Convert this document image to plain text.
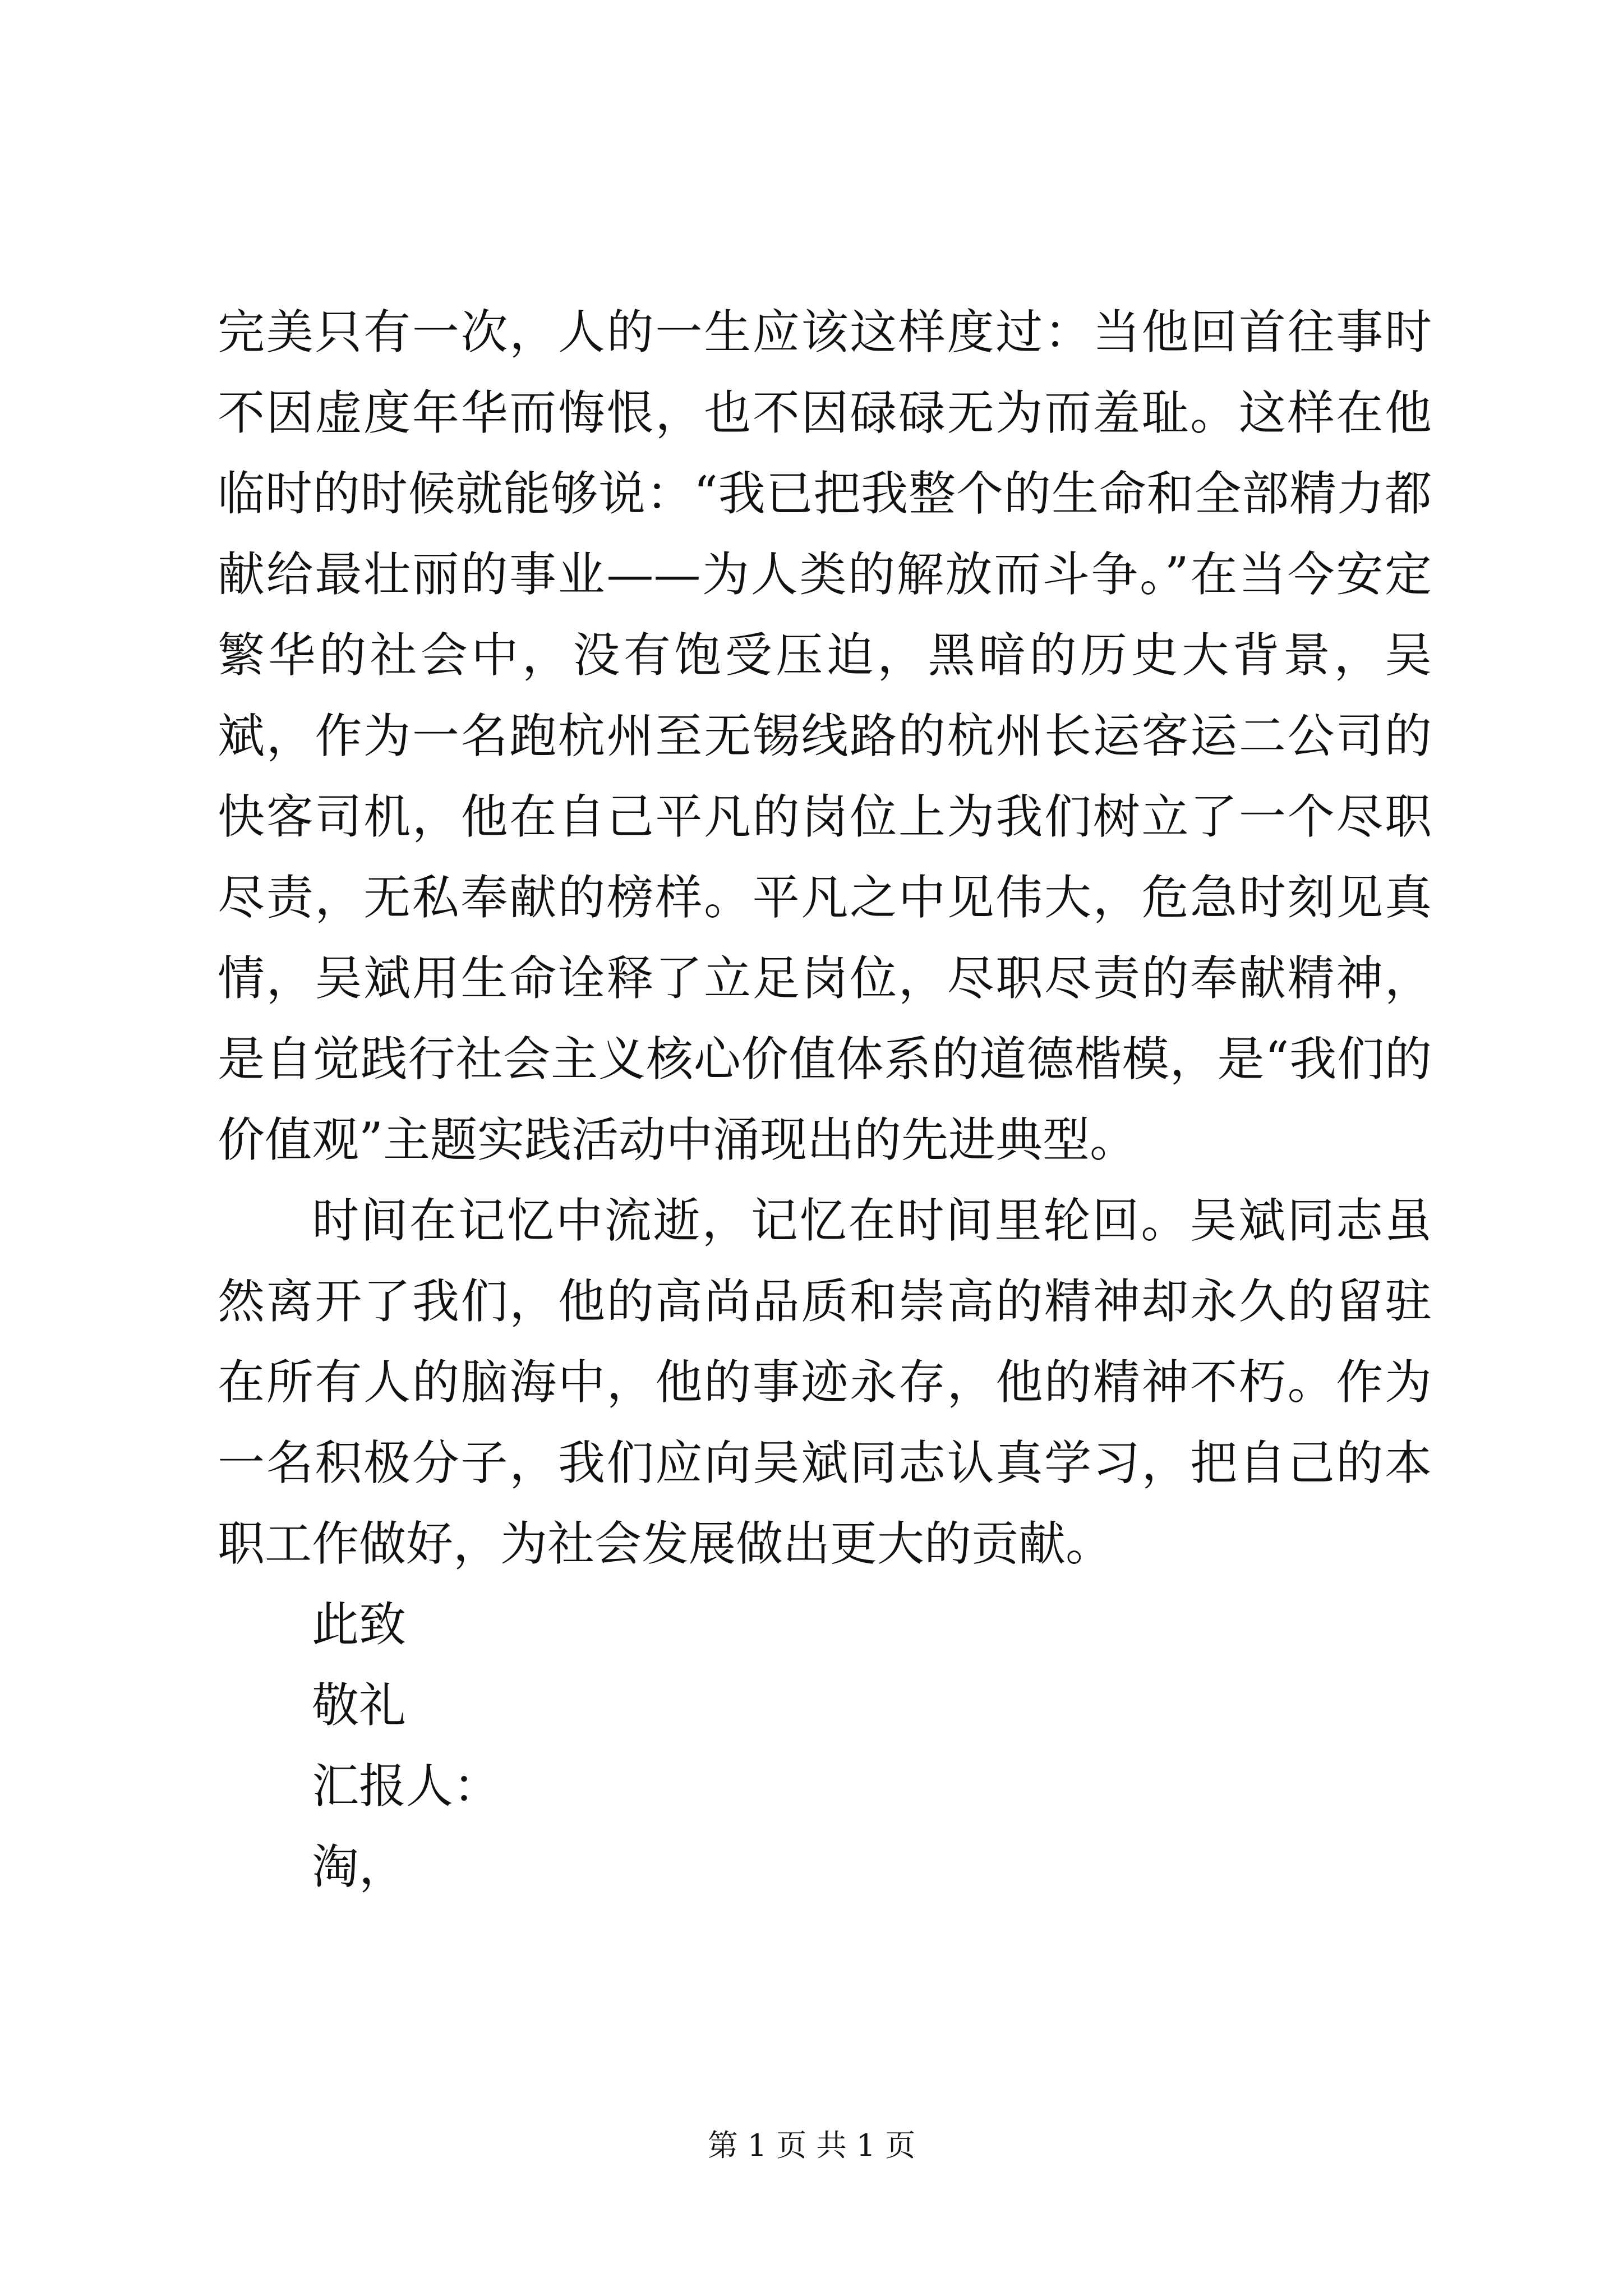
完美只有一次，人的一生应该这样度过：当他回首往事时不因虚度年华而悔恨，也不因碌碌无为而羞耻。这样在他临时的时候就能够说：“我已把我整个的生命和全部精力都献给最壮丽的事业——为人类的解放而斗争。”在当今安定繁华的社会中，没有饱受压迫，黑暗的历史大背景，吴斌，作为一名跑杭州至无锡线路的杭州长运客运二公司的快客司机，他在自己平凡的岗位上为我们树立了一个尽职尽责，无私奉献的榜样。平凡之中见伟大，危急时刻见真情，吴斌用生命诠释了立足岗位，尽职尽责的奉献精神，是自觉践行社会主义核心价值体系的道德楷模，是“我们的价值观”主题实践活动中涌现出的先进典型。

时间在记忆中流逝，记忆在时间里轮回。吴斌同志虽然离开了我们，他的高尚品质和崇高的精神却永久的留驻在所有人的脑海中，他的事迹永存，他的精神不朽。作为一名积极分子，我们应向吴斌同志认真学习，把自己的本职工作做好，为社会发展做出更大的贡献。

此致

敬礼

汇报人：

淘，

第 1 页 共 1 页
